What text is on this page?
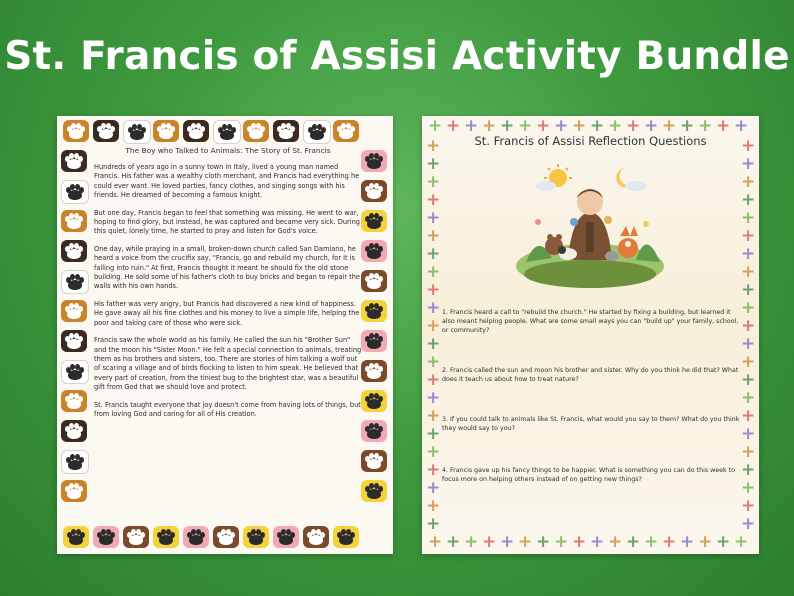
St. Francis of Assisi Activity Bundle
The Boy who Talked to Animals: The Story of St. Francis

Hundreds of years ago in a sunny town in Italy, lived a young man named Francis. His father was a wealthy cloth merchant, and Francis had everything he could ever want. He loved parties, fancy clothes, and singing songs with his friends. He dreamed of becoming a famous knight.

But one day, Francis began to feel that something was missing. He went to war, hoping to find glory, but instead, he was captured and became very sick. During this quiet, lonely time, he started to pray and listen for God's voice.

One day, while praying in a small, broken-down church called San Damiano, he heard a voice from the crucifix say, "Francis, go and rebuild my church, for it is falling into ruin." At first, Francis thought it meant he should fix the old stone building. He sold some of his father's cloth to buy bricks and began to repair the walls with his own hands.

His father was very angry, but Francis had discovered a new kind of happiness. He gave away all his fine clothes and his money to live a simple life, helping the poor and taking care of those who were sick.

Francis saw the whole world as his family. He called the sun his "Brother Sun" and the moon his "Sister Moon." He felt a special connection to animals, treating them as his brothers and sisters, too. There are stories of him talking a wolf out of scaring a village and of birds flocking to listen to him speak. He believed that every part of creation, from the tiniest bug to the brightest star, was a beautiful gift from God that we should love and protect.

St. Francis taught everyone that joy doesn't come from having lots of things, but from loving God and caring for all of His creation.

+
+
+
+
+
+
+
+
+
+
+
+
+
+
+
+
+
+
+
+
+
+
+
+
+
+
+
+
+
+
+
+
+
+
+
+
+	+
+	+
+	+
+	+
+	+
+	+
+	+
+	+
+	+
+	+
+	+
+	+
+	+
+	+
+	+
+	+
+	+
+	+
+	+
+	+
+	+
+	+
St. Francis of Assisi Reflection Questions

1. Francis heard a call to "rebuild the church." He started by fixing a building, but learned it also meant helping people. What are some small ways you can "build up" your family, school, or community?

2. Francis called the sun and moon his brother and sister. Why do you think he did that? What does it teach us about how to treat nature?

3. If you could talk to animals like St. Francis, what would you say to them? What do you think they would say to you?

4. Francis gave up his fancy things to be happier. What is something you can do this week to focus more on helping others instead of on getting new things?
